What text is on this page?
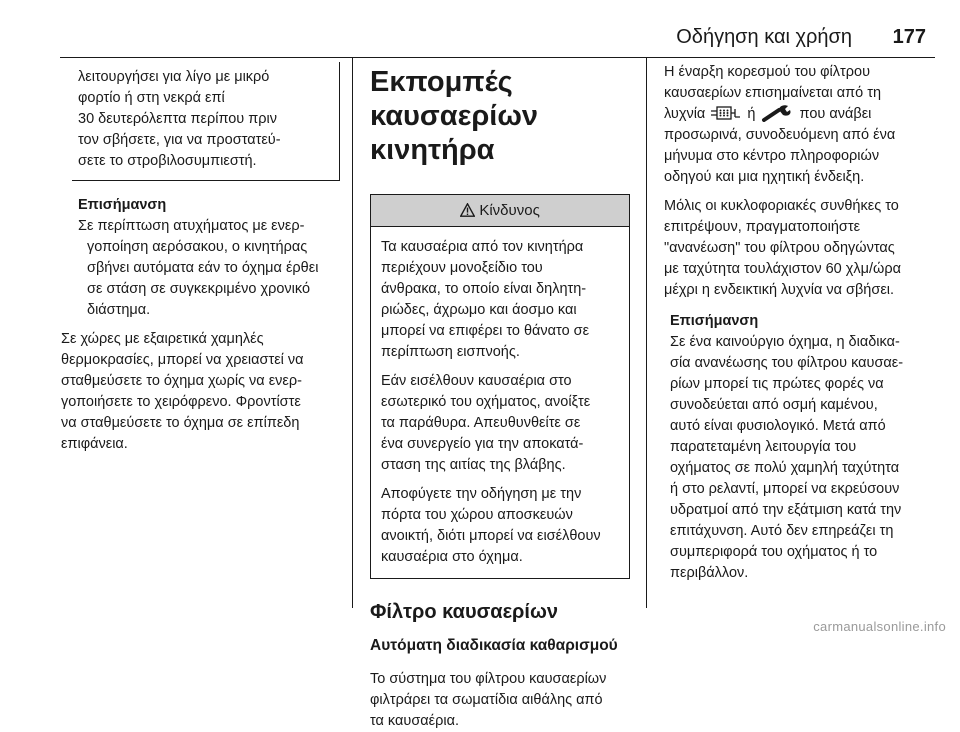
Οδήγηση και χρήση 177

λειτουργήσει για λίγο με μικρό

φορτίο ή στη νεκρά επί

30 δευτερόλεπτα περίπου πριν

τον σβήσετε, για να προστατεύ-

σετε το στροβιλοσυμπιεστή.

Επισήμανση

Σε περίπτωση ατυχήματος με ενερ-

γοποίηση αερόσακου, ο κινητήρας

σβήνει αυτόματα εάν το όχημα έρθει

σε στάση σε συγκεκριμένο χρονικό

διάστημα.

Σε χώρες με εξαιρετικά χαμηλές

θερμοκρασίες, μπορεί να χρειαστεί να

σταθμεύσετε το όχημα χωρίς να ενερ-

γοποιήσετε το χειρόφρενο. Φροντίστε

να σταθμεύσετε το όχημα σε επίπεδη

επιφάνεια.

Εκπομπές καυσαερίων
κινητήρα
Κίνδυνος

Τα καυσαέρια από τον κινητήρα
περιέχουν μονοξείδιο του
άνθρακα, το οποίο είναι δηλητη-
ριώδες, άχρωμο και άοσμο και
μπορεί να επιφέρει το θάνατο σε
περίπτωση εισπνοής.

Εάν εισέλθουν καυσαέρια στο
εσωτερικό του οχήματος, ανοίξτε
τα παράθυρα. Απευθυνθείτε σε
ένα συνεργείο για την αποκατά-
σταση της αιτίας της βλάβης.

Αποφύγετε την οδήγηση με την
πόρτα του χώρου αποσκευών
ανοικτή, διότι μπορεί να εισέλθουν
καυσαέρια στο όχημα.

Φίλτρο καυσαερίων
Αυτόματη διαδικασία καθαρισμού

Το σύστημα του φίλτρου καυσαερίων

φιλτράρει τα σωματίδια αιθάλης από

τα καυσαέρια.

Η έναρξη κορεσμού του φίλτρου

καυσαερίων επισημαίνεται από τη

λυχνία	ή	που ανάβει

προσωρινά, συνοδευόμενη από ένα

μήνυμα στο κέντρο πληροφοριών

οδηγού και μια ηχητική ένδειξη.

Μόλις οι κυκλοφοριακές συνθήκες το

επιτρέψουν, πραγματοποιήστε

"ανανέωση" του φίλτρου οδηγώντας

με ταχύτητα τουλάχιστον 60 χλμ/ώρα

μέχρι η ενδεικτική λυχνία να σβήσει.

Επισήμανση

Σε ένα καινούργιο όχημα, η διαδικα-

σία ανανέωσης του φίλτρου καυσαε-

ρίων μπορεί τις πρώτες φορές να

συνοδεύεται από οσμή καμένου,

αυτό είναι φυσιολογικό. Μετά από

παρατεταμένη λειτουργία του

οχήματος σε πολύ χαμηλή ταχύτητα

ή στο ρελαντί, μπορεί να εκρεύσουν

υδρατμοί από την εξάτμιση κατά την

επιτάχυνση. Αυτό δεν επηρεάζει τη

συμπεριφορά του οχήματος ή το

περιβάλλον.

carmanualsonline.info
